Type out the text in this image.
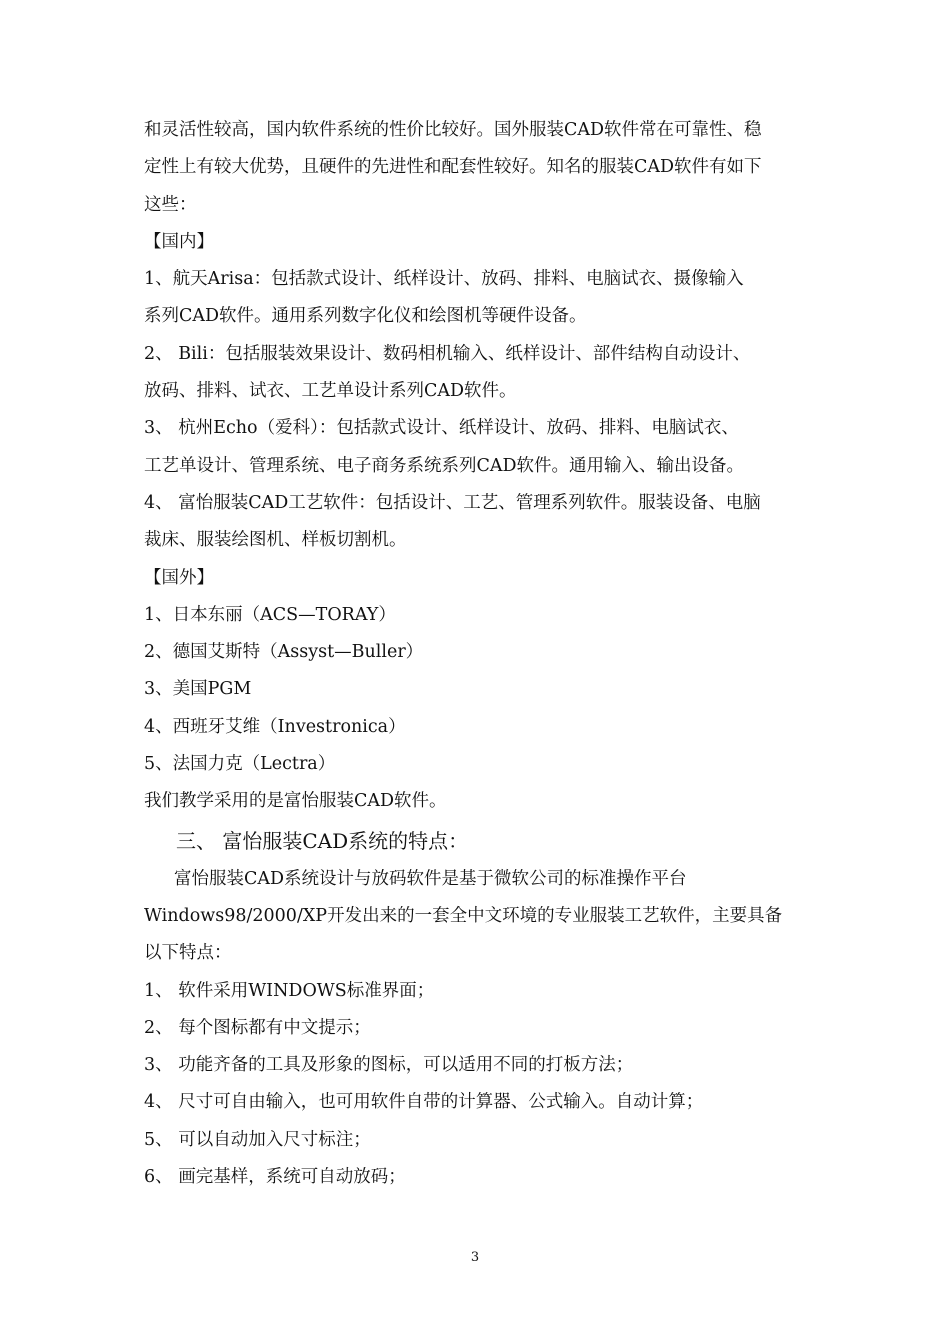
和灵活性较高，国内软件系统的性价比较好。国外服装CAD软件常在可靠性、稳

定性上有较大优势，且硬件的先进性和配套性较好。知名的服装CAD软件有如下

这些：

【国内】

1、航天Arisa：包括款式设计、纸样设计、放码、排料、电脑试衣、摄像输入

系列CAD软件。通用系列数字化仪和绘图机等硬件设备。

2、 Bili：包括服装效果设计、数码相机输入、纸样设计、部件结构自动设计、

放码、排料、试衣、工艺单设计系列CAD软件。

3、 杭州Echo（爱科）：包括款式设计、纸样设计、放码、排料、电脑试衣、

工艺单设计、管理系统、电子商务系统系列CAD软件。通用输入、输出设备。

4、 富怡服装CAD工艺软件：包括设计、工艺、管理系列软件。服装设备、电脑

裁床、服装绘图机、样板切割机。

【国外】

1、日本东丽（ACS—TORAY）

2、德国艾斯特（Assyst—Buller）

3、美国PGM

4、西班牙艾维（Investronica）

5、法国力克（Lectra）

我们教学采用的是富怡服装CAD软件。

三、 富怡服装CAD系统的特点：

富怡服装CAD系统设计与放码软件是基于微软公司的标准操作平台

Windows98/2000/XP开发出来的一套全中文环境的专业服装工艺软件，主要具备

以下特点：

1、 软件采用WINDOWS标准界面；

2、 每个图标都有中文提示；

3、 功能齐备的工具及形象的图标，可以适用不同的打板方法；

4、 尺寸可自由输入，也可用软件自带的计算器、公式输入。自动计算；

5、 可以自动加入尺寸标注；

6、 画完基样，系统可自动放码；

3
